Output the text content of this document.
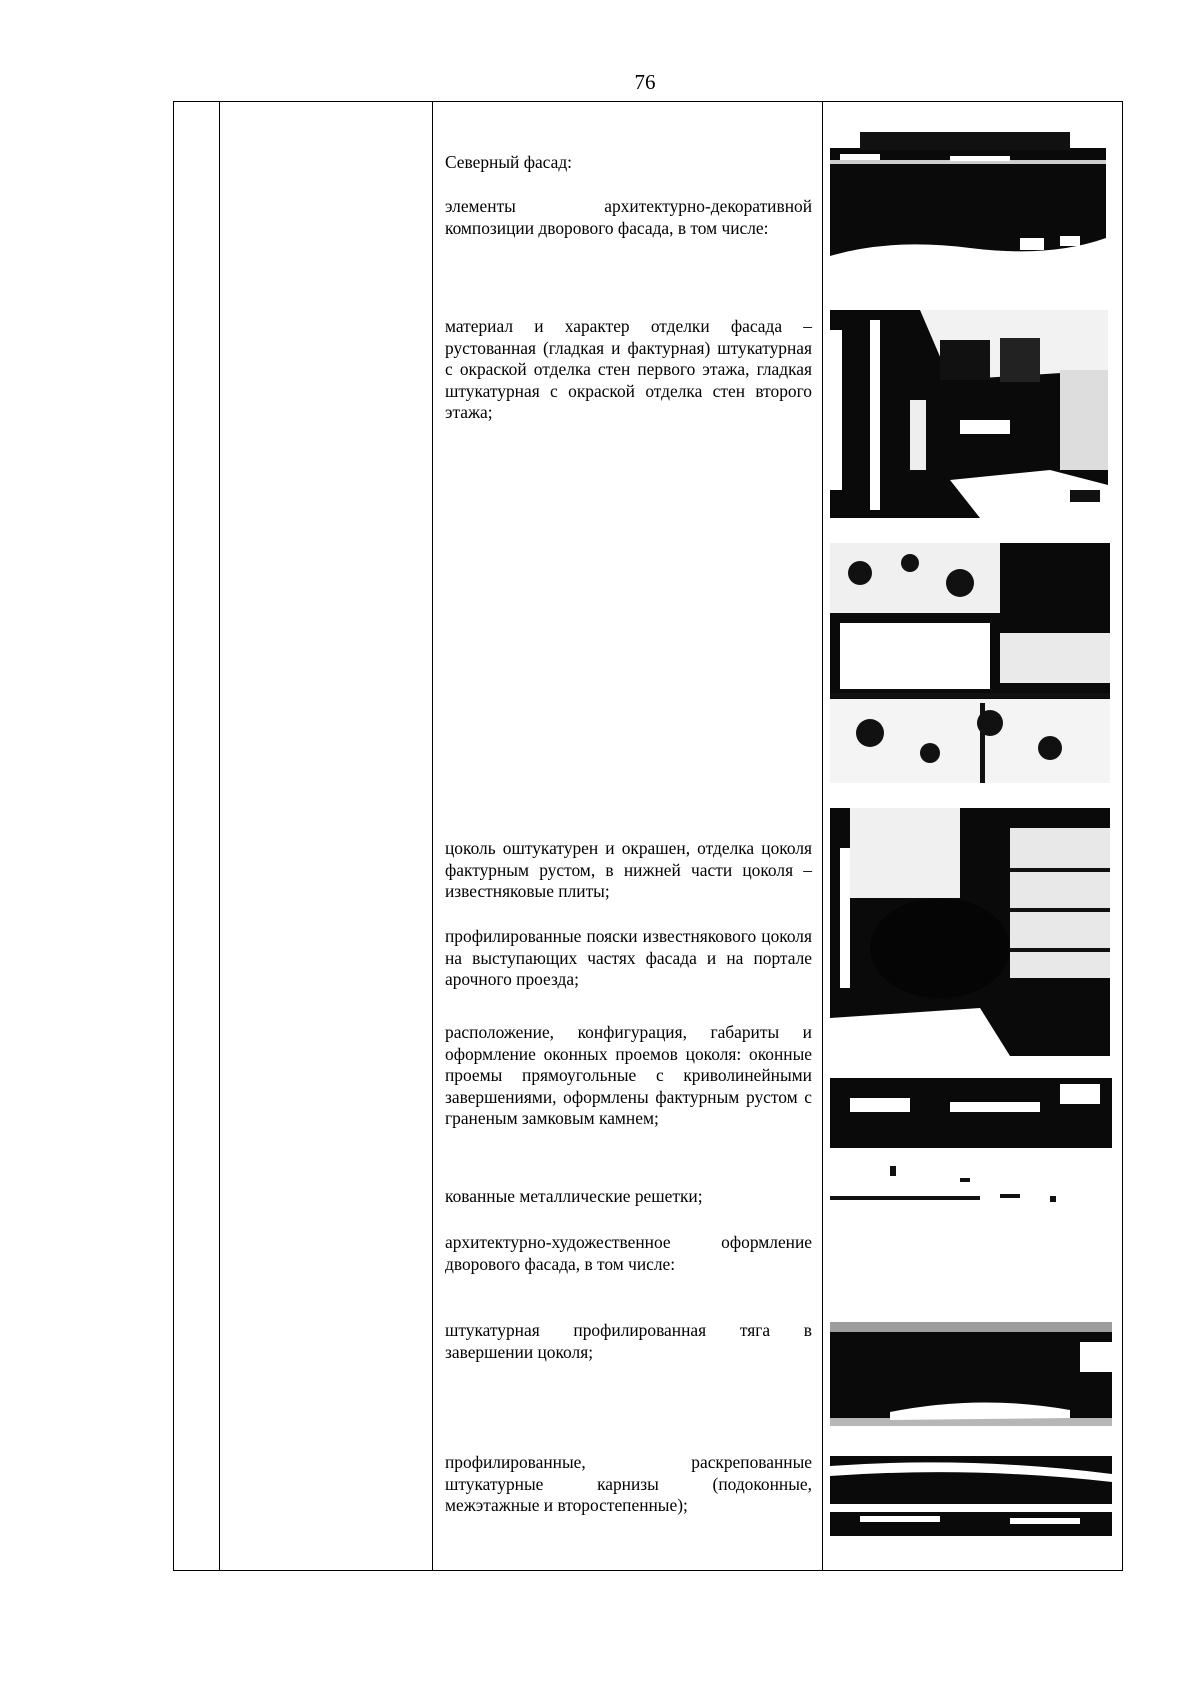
76
Северный фасад:
элементы архитектурно-декоративной композиции дворового фасада, в том числе:
материал и характер отделки фасада – рустованная (гладкая и фактурная) штукатурная с окраской отделка стен первого этажа, гладкая штукатурная с окраской отделка стен второго этажа;
цоколь оштукатурен и окрашен, отделка цоколя фактурным рустом, в нижней части цоколя – известняковые плиты;
профилированные пояски известнякового цоколя на выступающих частях фасада и на портале арочного проезда;
расположение, конфигурация, габариты и оформление оконных проемов цоколя: оконные проемы прямоугольные с криволинейными завершениями, оформлены фактурным рустом с граненым замковым камнем;
кованные металлические решетки;
архитектурно-художественное оформление дворового фасада, в том числе:
штукатурная профилированная тяга в завершении цоколя;
профилированные, раскрепованные штукатурные карнизы (подоконные, межэтажные и второстепенные);
